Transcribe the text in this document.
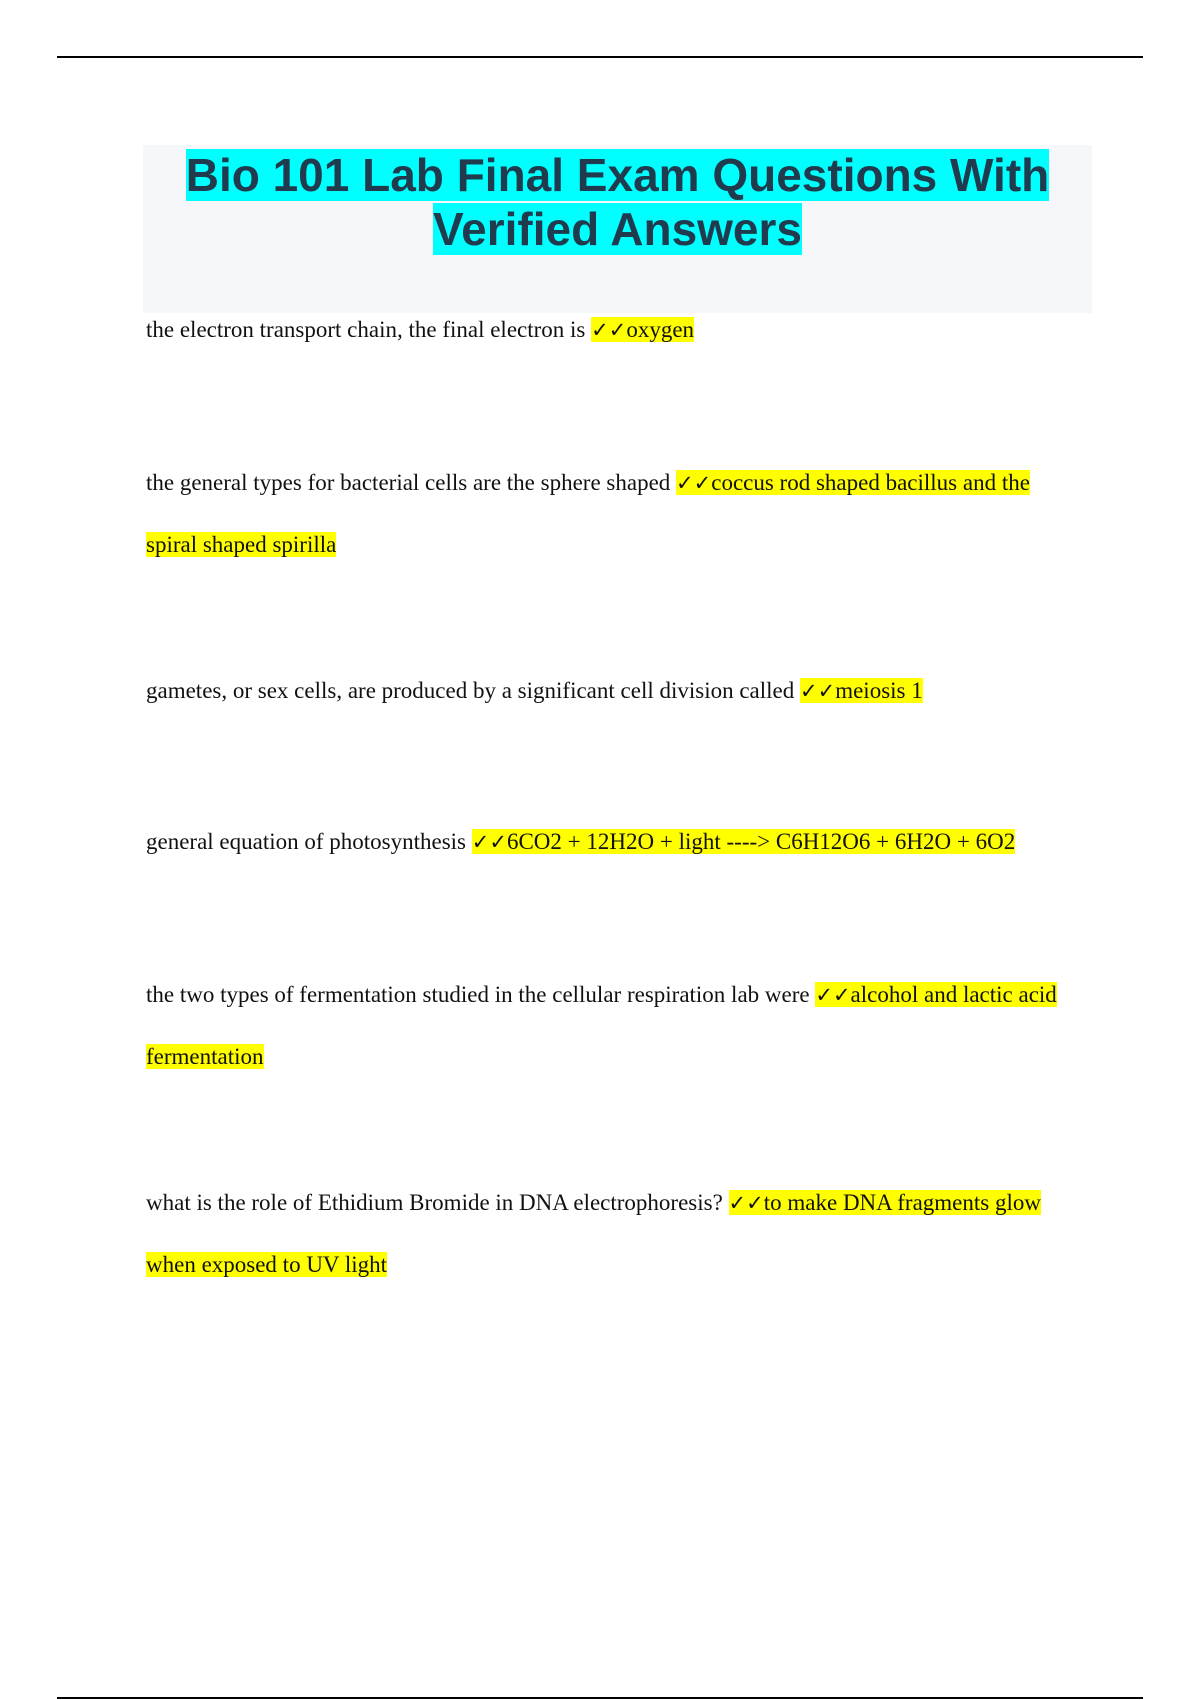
Bio 101 Lab Final Exam Questions With Verified Answers

the electron transport chain, the final electron is ✓✓oxygen

the general types for bacterial cells are the sphere shaped ✓✓coccus rod shaped bacillus and the spiral shaped spirilla

gametes, or sex cells, are produced by a significant cell division called ✓✓meiosis 1

general equation of photosynthesis ✓✓6CO2 + 12H2O + light ----> C6H12O6 + 6H2O + 6O2

the two types of fermentation studied in the cellular respiration lab were ✓✓alcohol and lactic acid fermentation

what is the role of Ethidium Bromide in DNA electrophoresis? ✓✓to make DNA fragments glow when exposed to UV light
